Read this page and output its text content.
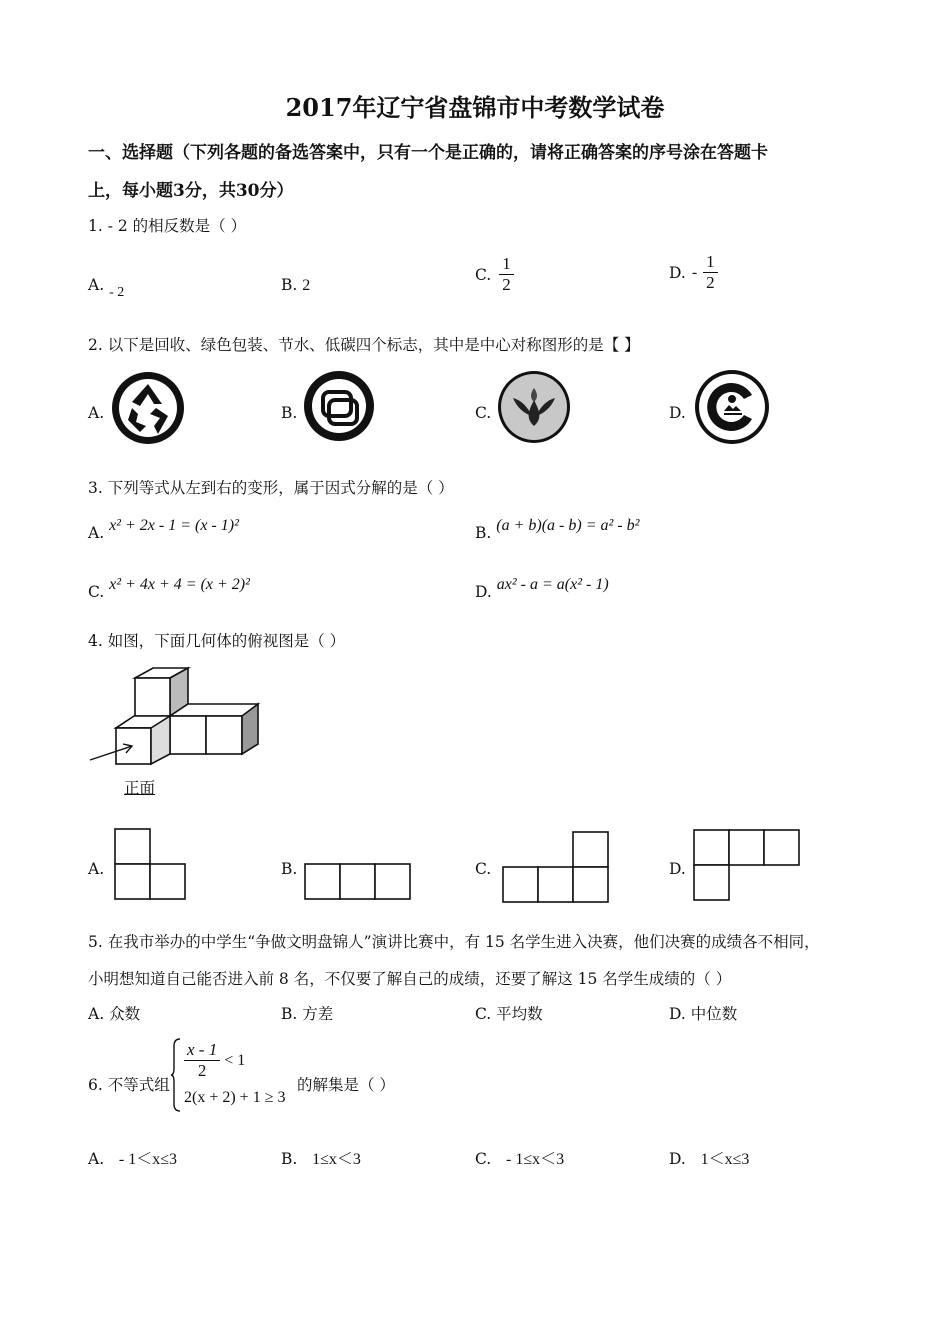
2017年辽宁省盘锦市中考数学试卷
一、选择题（下列各题的备选答案中，只有一个是正确的，请将正确答案的序号涂在答题卡
上，每小题3分，共30分）
1. - 2 的相反数是（ ）
A. - 2	B. 2
C. $\frac{1}{2}$	D. - $\frac{1}{2}$
2. 以下是回收、绿色包装、节水、低碳四个标志，其中是中心对称图形的是【 】
A.	B.	C.	D.
3. 下列等式从左到右的变形，属于因式分解的是（ ）
A. x² + 2x - 1 = (x - 1)²	B. (a + b)(a - b) = a² - b²
C. x² + 4x + 4 = (x + 2)²	D. ax² - a = a(x² - 1)
4. 如图，下面几何体的俯视图是（ ）
正面
A.	B.	C.	D.
5. 在我市举办的中学生“争做文明盘锦人”演讲比赛中，有 15 名学生进入决赛，他们决赛的成绩各不相同，
小明想知道自己能否进入前 8 名，不仅要了解自己的成绩，还要了解这 15 名学生成绩的（ ）
A. 众数	B. 方差	C. 平均数	D. 中位数
6. 不等式组
$\frac{x - 1}{2} < 1$
2(x + 2) + 1 ≥ 3
的解集是（ ）
A. - 1＜x≤3	B. 1≤x＜3	C. - 1≤x＜3	D. 1＜x≤3
